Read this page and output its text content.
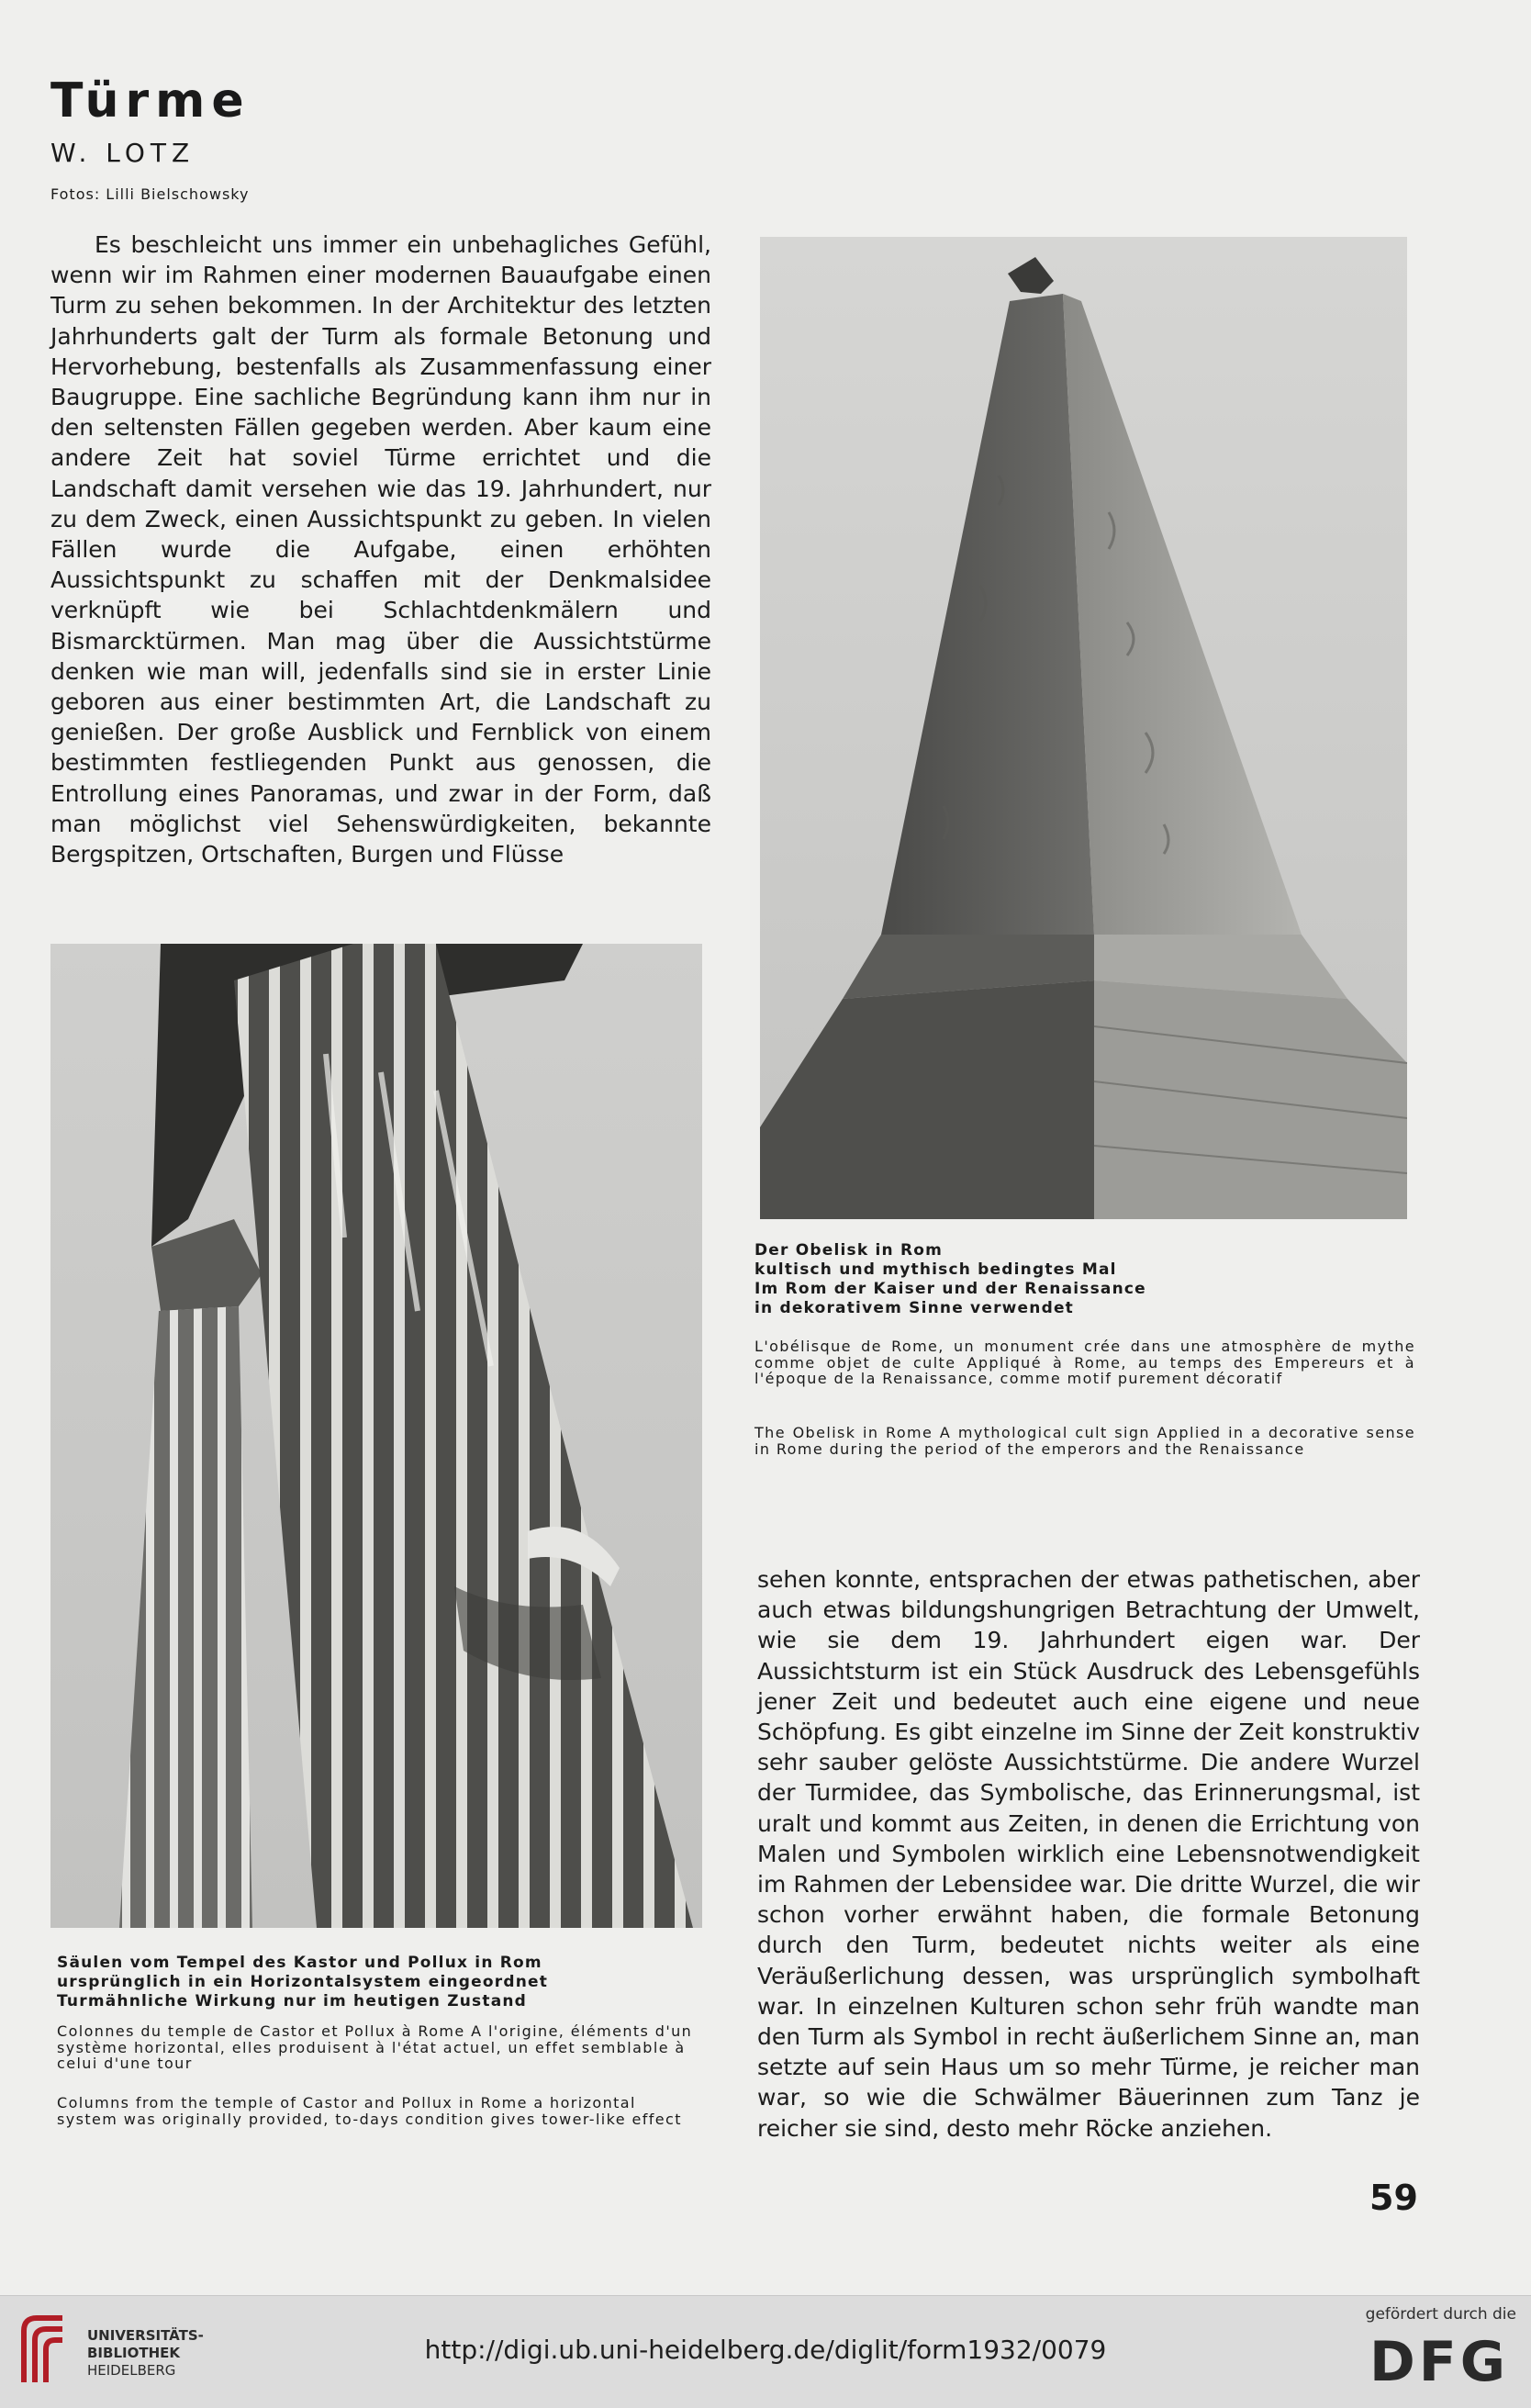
Türme

W. LOTZ

Fotos: Lilli Bielschowsky

Es beschleicht uns immer ein unbehagliches Gefühl, wenn wir im Rahmen einer modernen Bauaufgabe einen Turm zu sehen bekommen. In der Architektur des letzten Jahrhunderts galt der Turm als formale Betonung und Hervorhebung, bestenfalls als Zusammenfassung einer Baugruppe. Eine sachliche Begründung kann ihm nur in den seltensten Fällen gegeben werden. Aber kaum eine andere Zeit hat soviel Türme errichtet und die Landschaft damit versehen wie das 19. Jahrhundert, nur zu dem Zweck, einen Aussichtspunkt zu geben. In vielen Fällen wurde die Aufgabe, einen erhöhten Aussichtspunkt zu schaffen mit der Denkmalsidee verknüpft wie bei Schlachtdenkmälern und Bismarcktürmen. Man mag über die Aussichtstürme denken wie man will, jedenfalls sind sie in erster Linie geboren aus einer bestimmten Art, die Landschaft zu genießen. Der große Ausblick und Fernblick von einem bestimmten festliegenden Punkt aus genossen, die Entrollung eines Panoramas, und zwar in der Form, daß man möglichst viel Sehenswürdigkeiten, bekannte Bergspitzen, Ortschaften, Burgen und Flüsse

Der Obelisk in Rom
kultisch und mythisch bedingtes Mal
Im Rom der Kaiser und der Renaissance
in dekorativem Sinne verwendet

L'obélisque de Rome, un monument crée dans une atmosphère de mythe comme objet de culte Appliqué à Rome, au temps des Empereurs et à l'époque de la Renaissance, comme motif purement décoratif

The Obelisk in Rome A mythological cult sign Applied in a decorative sense in Rome during the period of the emperors and the Renaissance

Säulen vom Tempel des Kastor und Pollux in Rom
ursprünglich in ein Horizontalsystem eingeordnet
Turmähnliche Wirkung nur im heutigen Zustand

Colonnes du temple de Castor et Pollux à Rome A l'origine, éléments d'un système horizontal, elles produisent à l'état actuel, un effet semblable à celui d'une tour

Columns from the temple of Castor and Pollux in Rome a horizontal system was originally provided, to-days condition gives tower-like effect

sehen konnte, entsprachen der etwas pathetischen, aber auch etwas bildungshungrigen Betrachtung der Umwelt, wie sie dem 19. Jahrhundert eigen war. Der Aussichtsturm ist ein Stück Ausdruck des Lebensgefühls jener Zeit und bedeutet auch eine eigene und neue Schöpfung. Es gibt einzelne im Sinne der Zeit konstruktiv sehr sauber gelöste Aussichtstürme. Die andere Wurzel der Turmidee, das Symbolische, das Erinnerungsmal, ist uralt und kommt aus Zeiten, in denen die Errichtung von Malen und Symbolen wirklich eine Lebensnotwendigkeit im Rahmen der Lebensidee war. Die dritte Wurzel, die wir schon vorher erwähnt haben, die formale Betonung durch den Turm, bedeutet nichts weiter als eine Veräußerlichung dessen, was ursprünglich symbolhaft war. In einzelnen Kulturen schon sehr früh wandte man den Turm als Symbol in recht äußerlichem Sinne an, man setzte auf sein Haus um so mehr Türme, je reicher man war, so wie die Schwälmer Bäuerinnen zum Tanz je reicher sie sind, desto mehr Röcke anziehen.

59

UNIVERSITÄTS-
BIBLIOTHEK
HEIDELBERG

http://digi.ub.uni-heidelberg.de/diglit/form1932/0079

gefördert durch die

DFG
